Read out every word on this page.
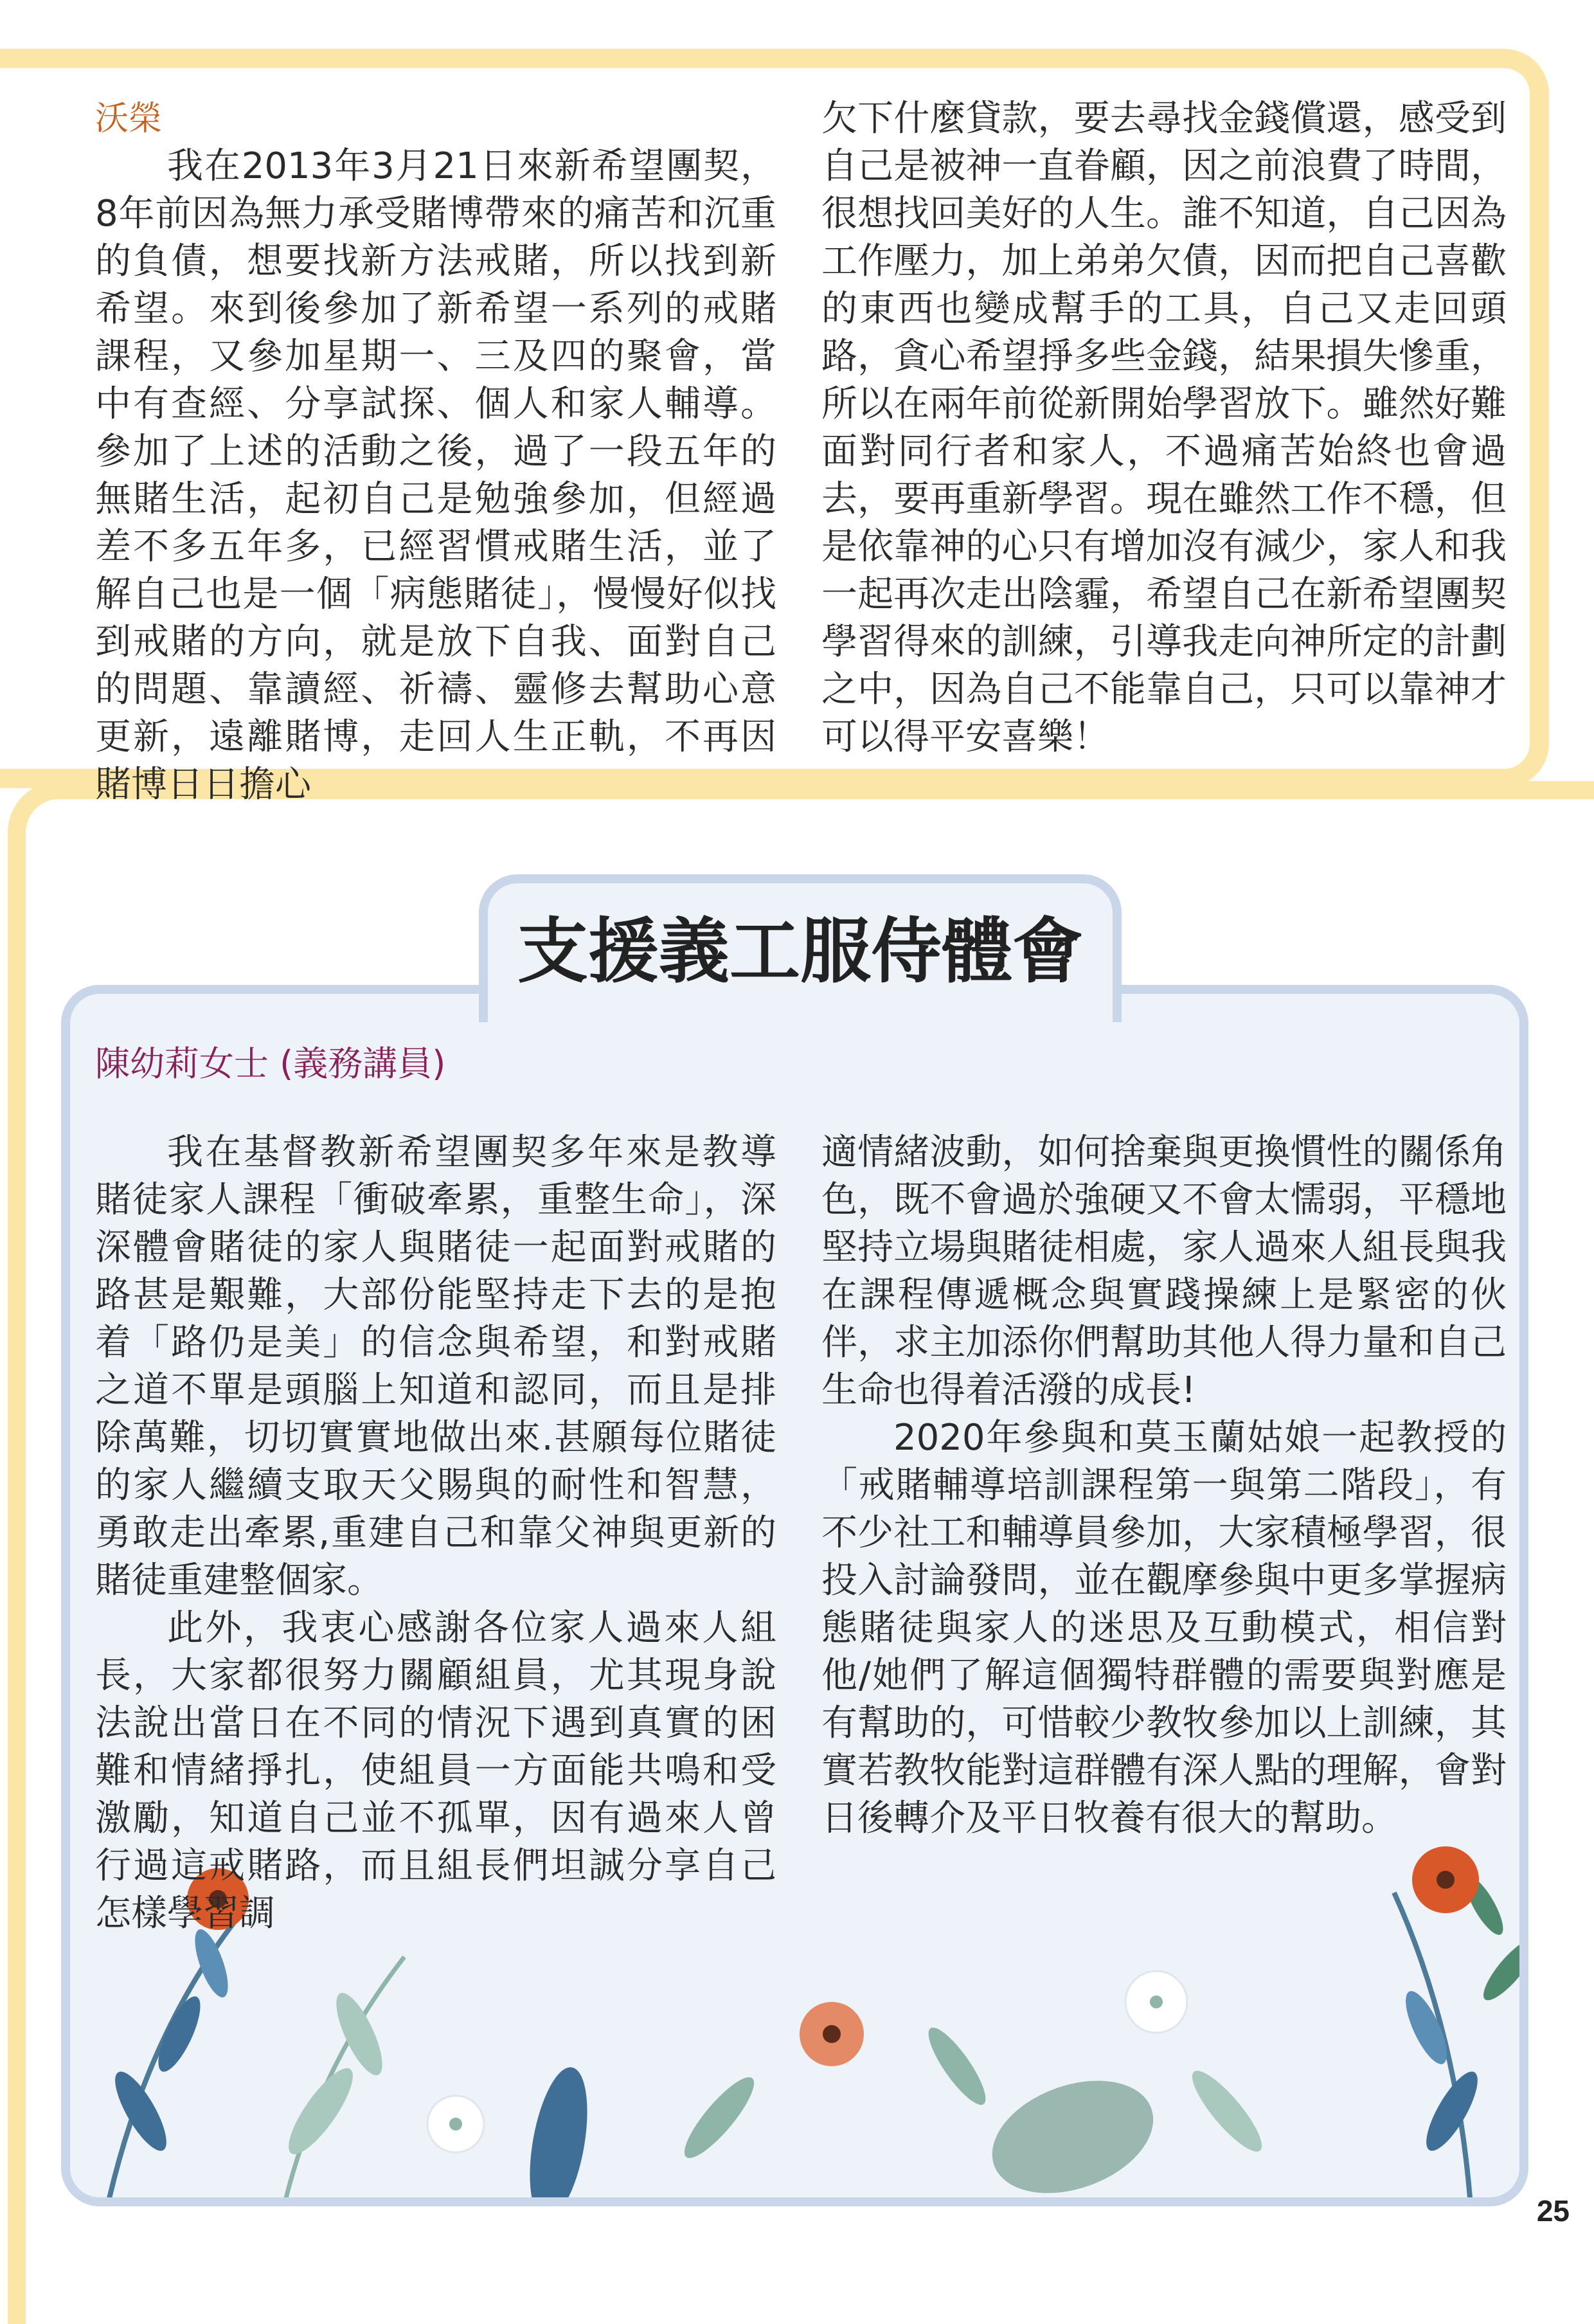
沃榮

我在2013年3月21日來新希望團契，8年前因為無力承受賭博帶來的痛苦和沉重的負債，想要找新方法戒賭，所以找到新希望。來到後參加了新希望一系列的戒賭課程，又參加星期一、三及四的聚會，當中有查經、分享試探、個人和家人輔導。參加了上述的活動之後，過了一段五年的無賭生活，起初自己是勉強參加，但經過差不多五年多，已經習慣戒賭生活，並了解自己也是一個「病態賭徒」，慢慢好似找到戒賭的方向，就是放下自我、面對自己的問題、靠讀經、祈禱、靈修去幫助心意更新，遠離賭博，走回人生正軌，不再因賭博日日擔心

欠下什麼貸款，要去尋找金錢償還，感受到自己是被神一直眷顧，因之前浪費了時間，很想找回美好的人生。誰不知道，自己因為工作壓力，加上弟弟欠債，因而把自己喜歡的東西也變成幫手的工具，自己又走回頭路，貪心希望掙多些金錢，結果損失慘重，所以在兩年前從新開始學習放下。雖然好難面對同行者和家人，不過痛苦始終也會過去，要再重新學習。現在雖然工作不穩，但是依靠神的心只有增加沒有減少，家人和我一起再次走出陰霾，希望自己在新希望團契學習得來的訓練，引導我走向神所定的計劃之中，因為自己不能靠自己，只可以靠神才可以得平安喜樂！

支援義工服侍體會

陳幼莉女士 (義務講員)

我在基督教新希望團契多年來是教導賭徒家人課程「衝破牽累，重整生命」，深深體會賭徒的家人與賭徒一起面對戒賭的路甚是艱難，大部份能堅持走下去的是抱着「路仍是美」的信念與希望，和對戒賭之道不單是頭腦上知道和認同，而且是排除萬難，切切實實地做出來.甚願每位賭徒的家人繼續支取天父賜與的耐性和智慧，勇敢走出牽累,重建自己和靠父神與更新的賭徒重建整個家。

此外，我衷心感謝各位家人過來人組長，大家都很努力關顧組員，尤其現身說法說出當日在不同的情況下遇到真實的困難和情緒掙扎，使組員一方面能共鳴和受激勵，知道自己並不孤單，因有過來人曾行過這戒賭路，而且組長們坦誠分享自己怎樣學習調

適情緒波動，如何捨棄與更換慣性的關係角色，既不會過於強硬又不會太懦弱，平穩地堅持立場與賭徒相處，家人過來人組長與我在課程傳遞概念與實踐操練上是緊密的伙伴，求主加添你們幫助其他人得力量和自己生命也得着活潑的成長!

2020年參與和莫玉蘭姑娘一起教授的「戒賭輔導培訓課程第一與第二階段」，有不少社工和輔導員參加，大家積極學習，很投入討論發問，並在觀摩參與中更多掌握病態賭徒與家人的迷思及互動模式，相信對他/她們了解這個獨特群體的需要與對應是有幫助的，可惜較少教牧參加以上訓練，其實若教牧能對這群體有深人點的理解，會對日後轉介及平日牧養有很大的幫助。

25
